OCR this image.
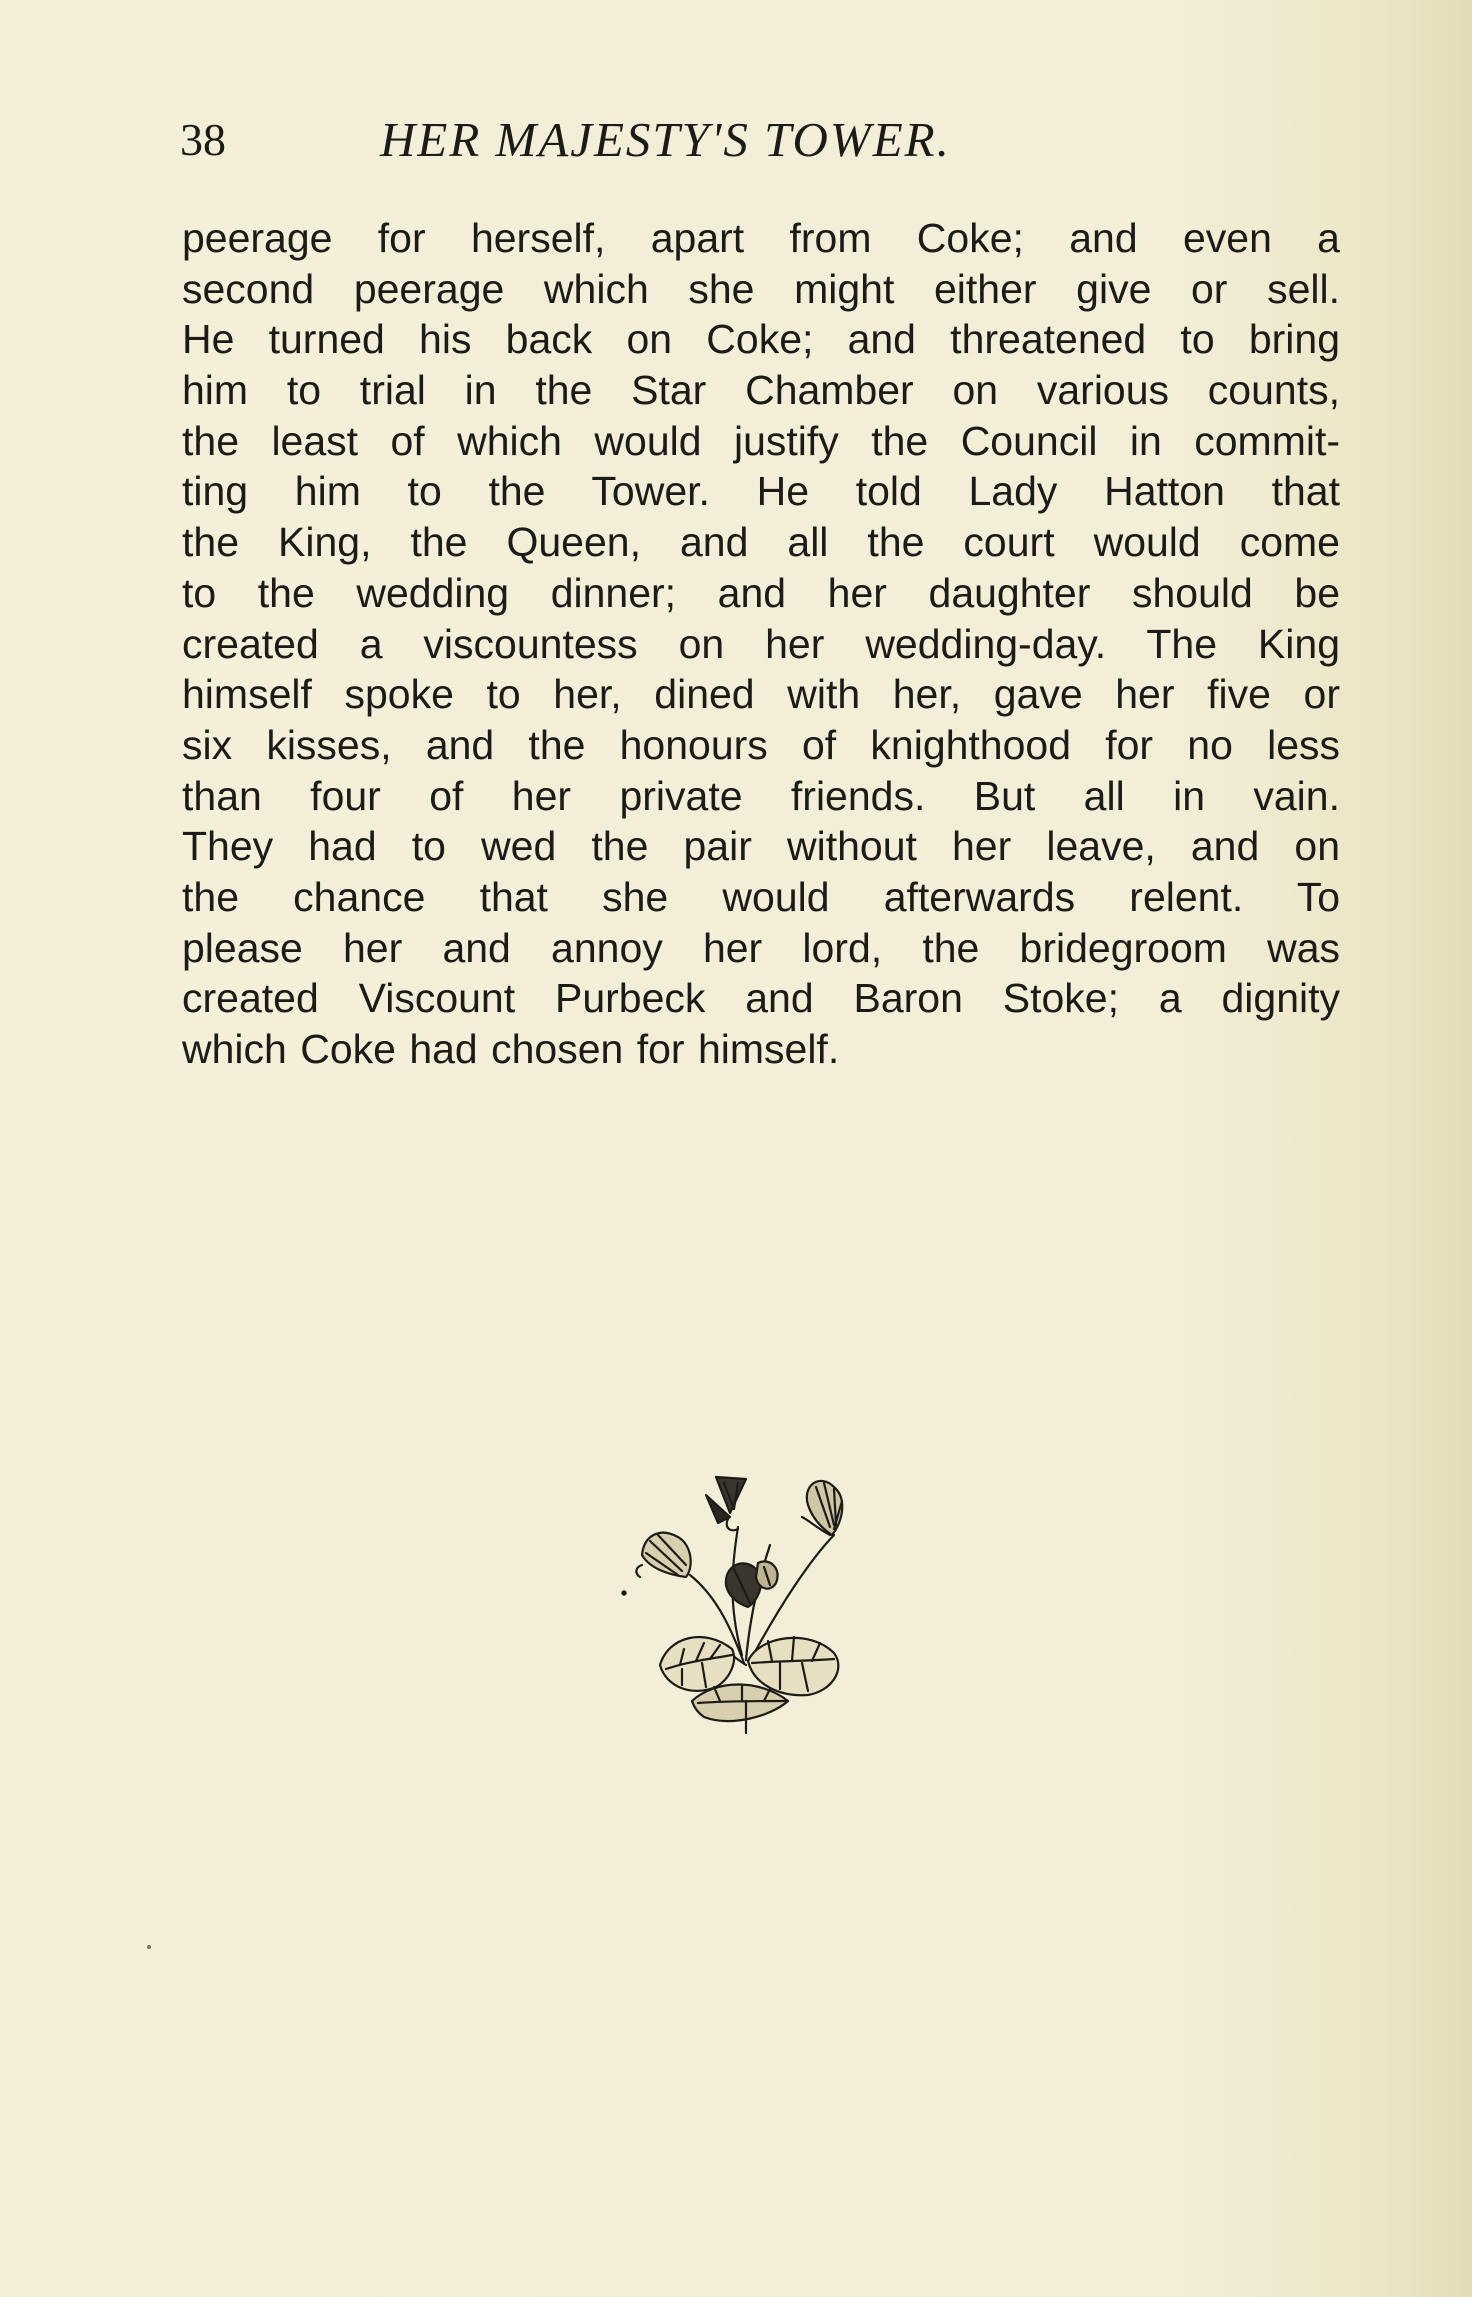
38	HER MAJESTY'S TOWER.
peerage for herself, apart from Coke; and even a
second peerage which she might either give or sell.
He turned his back on Coke; and threatened to bring
him to trial in the Star Chamber on various counts,
the least of which would justify the Council in commit-
ting him to the Tower. He told Lady Hatton that
the King, the Queen, and all the court would come
to the wedding dinner; and her daughter should be
created a viscountess on her wedding-day. The King
himself spoke to her, dined with her, gave her five or
six kisses, and the honours of knighthood for no less
than four of her private friends. But all in vain.
They had to wed the pair without her leave, and on
the chance that she would afterwards relent. To
please her and annoy her lord, the bridegroom was
created Viscount Purbeck and Baron Stoke; a dignity
which Coke had chosen for himself.
